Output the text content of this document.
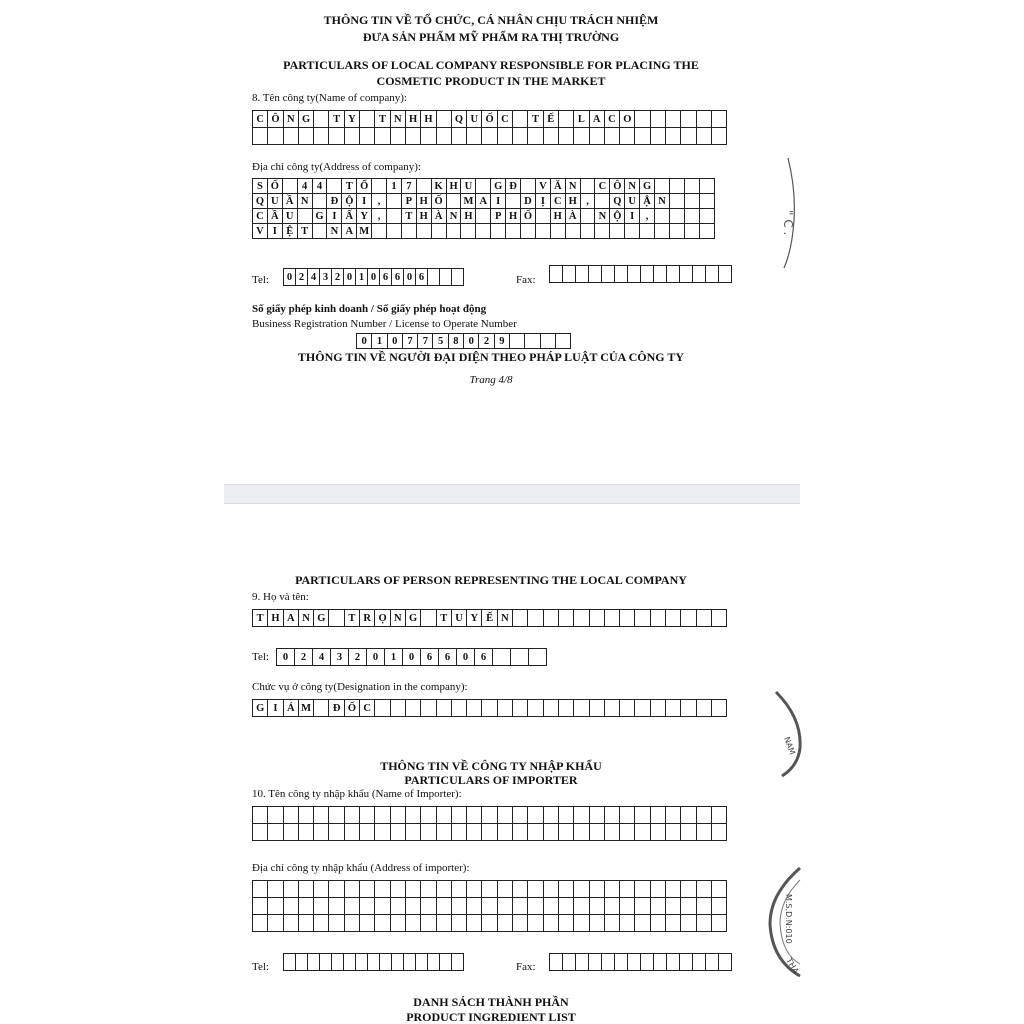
THÔNG TIN VỀ TỔ CHỨC, CÁ NHÂN CHỊU TRÁCH NHIỆM
ĐƯA SẢN PHẨM MỸ PHẨM RA THỊ TRƯỜNG
PARTICULARS OF LOCAL COMPANY RESPONSIBLE FOR PLACING THE
COSMETIC PRODUCT IN THE MARKET
8. Tên công ty(Name of company):
C Ô N G	T Y	T N H H	Q U Ố C	T Ế	L A C O
Địa chỉ công ty(Address of company):
S Ố	4 4	T Ổ	1 7	K H U	G Đ	V Ă N	C Ô N G
Q U Ầ N	Đ Ộ I	,	P H Ố	M A I	D Ị C H ,	Q U Ậ N
C Ầ U	G I Ấ Y ,	T H À N H	P H Ố	H À	N Ộ I	,
V I Ệ T	N A M
Tel: 0 2 4 3 2 0 1 0 6 6 0 6	Fax:
Số giấy phép kinh doanh / Số giấy phép hoạt động
Business Registration Number / License to Operate Number
0 1 0 7 7 5 8 0 2 9
THÔNG TIN VỀ NGƯỜI ĐẠI DIỆN THEO PHÁP LUẬT CỦA CÔNG TY
Trang 4/8
PARTICULARS OF PERSON REPRESENTING THE LOCAL COMPANY
9. Họ và tên:
T H A N G	T R Ọ N G	T U Y Ế N
Tel:	0	2	4	3	2	0	1	0	6	6	0	6
Chức vụ ở công ty(Designation in the company):
G I Á M	Đ Ố C
THÔNG TIN VỀ CÔNG TY NHẬP KHẨU
PARTICULARS OF IMPORTER
10. Tên công ty nhập khẩu (Name of Importer):
Địa chỉ công ty nhập khẩu (Address of importer):
Tel:	Fax:
DANH SÁCH THÀNH PHẦN
PRODUCT INGREDIENT LIST
" C .
NAM
M.S.D.N:010
THA
